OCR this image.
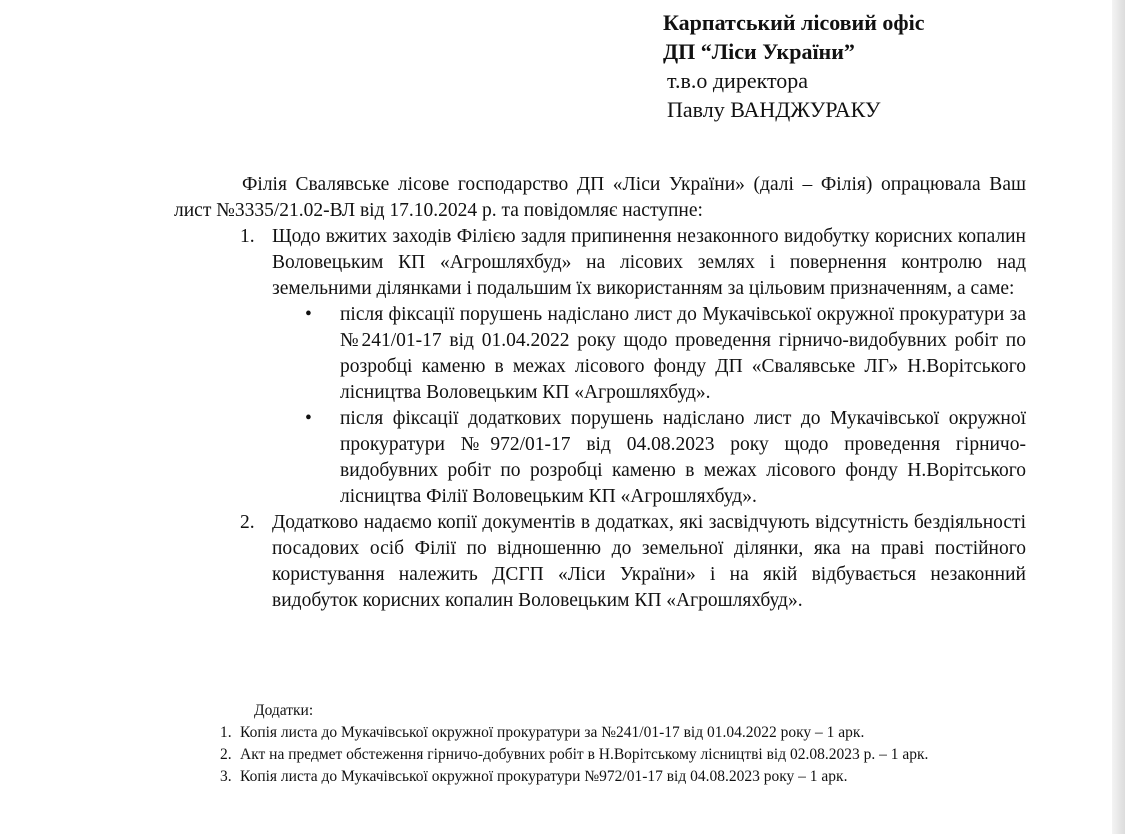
Карпатський лісовий офіс
ДП “Ліси України”
т.в.о директора
Павлу ВАНДЖУРАКУ
Філія Свалявське лісове господарство ДП «Ліси України» (далі – Філія) опрацювала Ваш лист №3335/21.02-ВЛ від 17.10.2024 р. та повідомляє наступне:
1. Щодо вжитих заходів Філією задля припинення незаконного видобутку корисних копалин Воловецьким КП «Агрошляхбуд» на лісових землях і повернення контролю над земельними ділянками і подальшим їх використанням за цільовим призначенням, а саме:
• після фіксації порушень надіслано лист до Мукачівської окружної прокуратури за №241/01-17 від 01.04.2022 року щодо проведення гірничо-видобувних робіт по розробці каменю в межах лісового фонду ДП «Свалявське ЛГ» Н.Ворітського лісництва Воловецьким КП «Агрошляхбуд».
• після фіксації додаткових порушень надіслано лист до Мукачівської окружної прокуратури №972/01-17 від 04.08.2023 року щодо проведення гірничо-видобувних робіт по розробці каменю в межах лісового фонду Н.Ворітського лісництва Філії Воловецьким КП «Агрошляхбуд».
2. Додатково надаємо копії документів в додатках, які засвідчують відсутність бездіяльності посадових осіб Філії по відношенню до земельної ділянки, яка на праві постійного користування належить ДСГП «Ліси України» і на якій відбувається незаконний видобуток корисних копалин Воловецьким КП «Агрошляхбуд».
Додатки:
1. Копія листа до Мукачівської окружної прокуратури за №241/01-17 від 01.04.2022 року – 1 арк.
2. Акт на предмет обстеження гірничо-добувних робіт в Н.Ворітському лісництві від 02.08.2023 р. – 1 арк.
3. Копія листа до Мукачівської окружної прокуратури №972/01-17 від 04.08.2023 року – 1 арк.
